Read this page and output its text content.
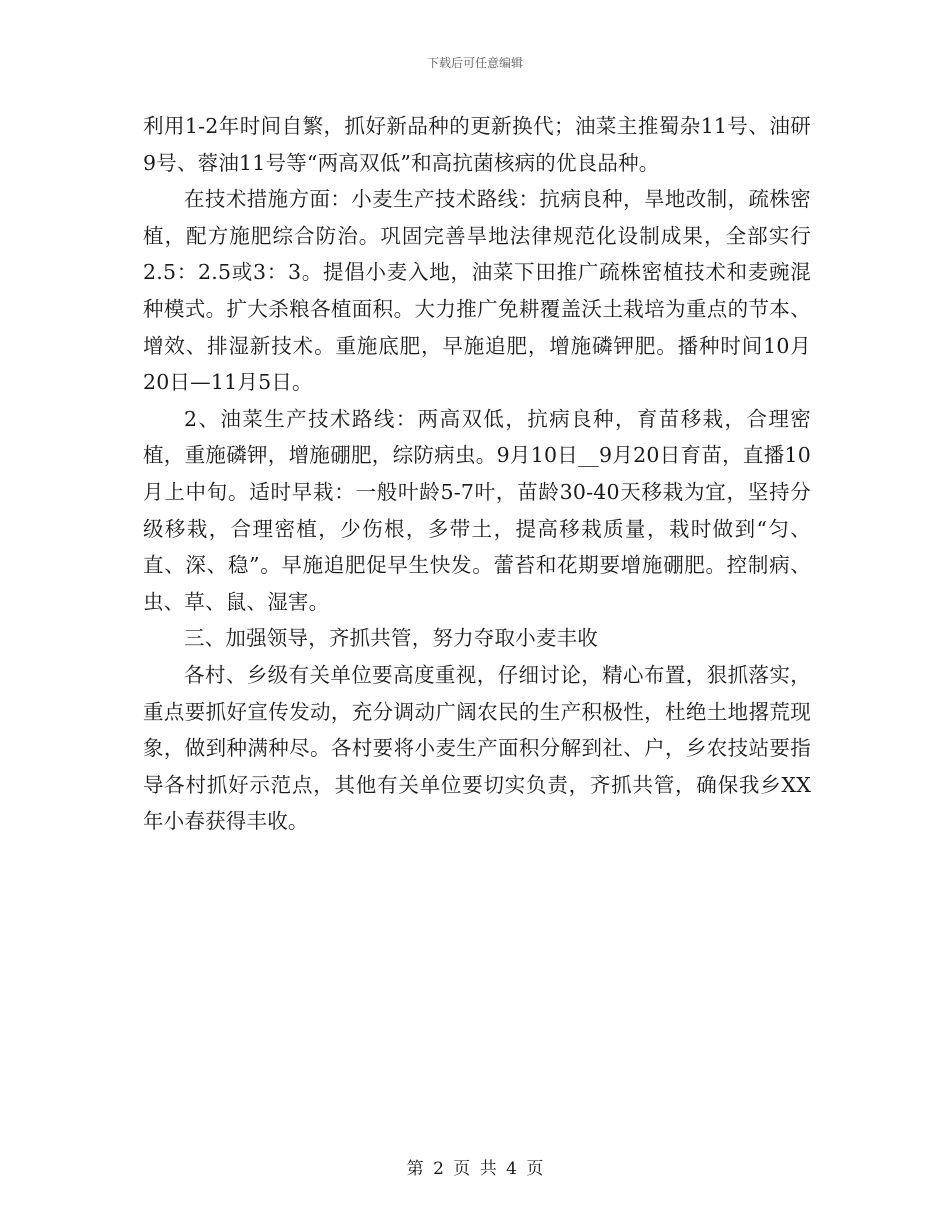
下载后可任意编辑

利用1-2年时间自繁，抓好新品种的更新换代；油菜主推蜀杂11号、油研9号、蓉油11号等“两高双低”和高抗菌核病的优良品种。

在技术措施方面：小麦生产技术路线：抗病良种，旱地改制，疏株密植，配方施肥综合防治。巩固完善旱地法律规范化设制成果，全部实行2.5：2.5或3：3。提倡小麦入地，油菜下田推广疏株密植技术和麦豌混种模式。扩大杀粮各植面积。大力推广免耕覆盖沃土栽培为重点的节本、增效、排湿新技术。重施底肥，早施追肥，增施磷钾肥。播种时间10月20日—11月5日。

2、油菜生产技术路线：两高双低，抗病良种，育苗移栽，合理密植，重施磷钾，增施硼肥，综防病虫。9月10日__9月20日育苗，直播10月上中旬。适时早栽：一般叶龄5-7叶，苗龄30-40天移栽为宜，坚持分级移栽，合理密植，少伤根，多带土，提高移栽质量，栽时做到“匀、直、深、稳”。早施追肥促早生快发。蕾苔和花期要增施硼肥。控制病、虫、草、鼠、湿害。

三、加强领导，齐抓共管，努力夺取小麦丰收

各村、乡级有关单位要高度重视，仔细讨论，精心布置，狠抓落实，重点要抓好宣传发动，充分调动广阔农民的生产积极性，杜绝土地撂荒现象，做到种满种尽。各村要将小麦生产面积分解到社、户，乡农技站要指导各村抓好示范点，其他有关单位要切实负责，齐抓共管，确保我乡XX年小春获得丰收。

第 2 页 共 4 页
